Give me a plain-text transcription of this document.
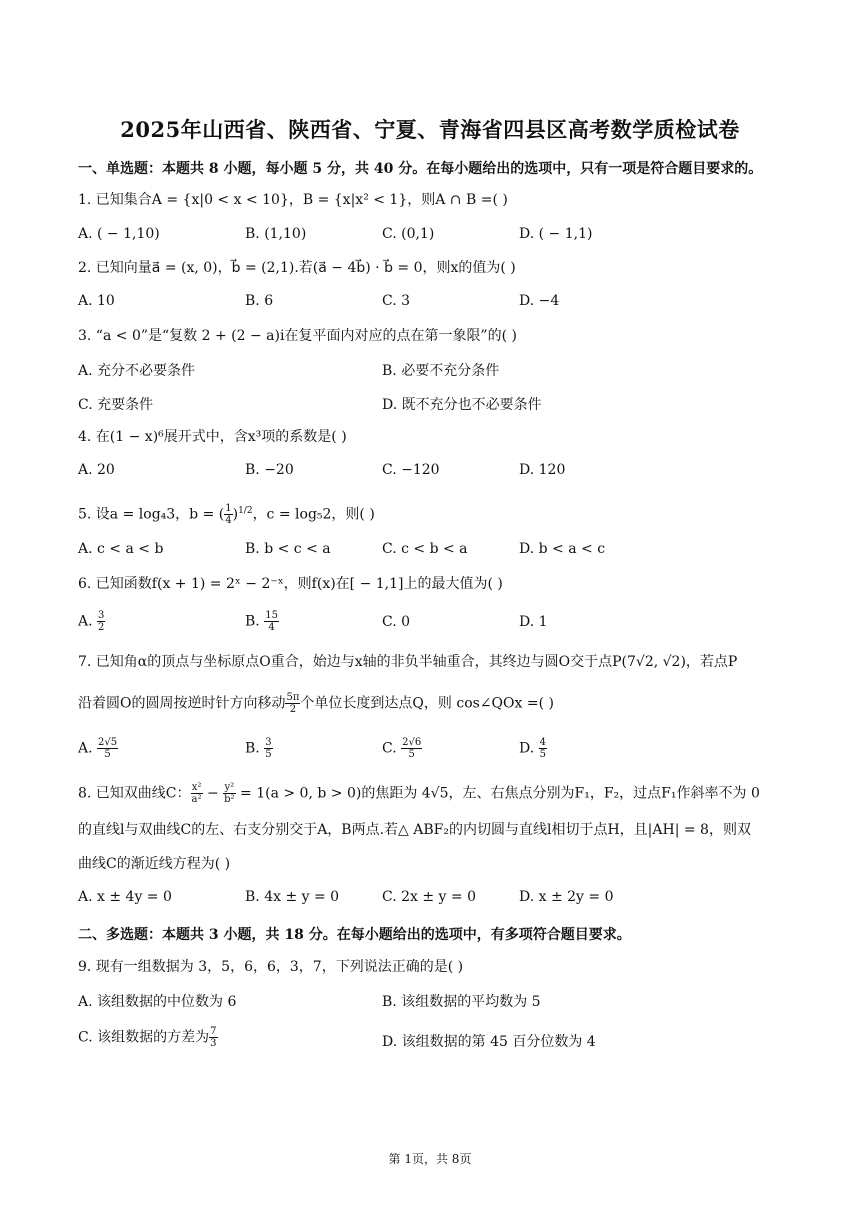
2025年山西省、陕西省、宁夏、青海省四县区高考数学质检试卷
一、单选题：本题共 8 小题，每小题 5 分，共 40 分。在每小题给出的选项中，只有一项是符合题目要求的。
1. 已知集合A = {x|0 < x < 10}，B = {x|x² < 1}，则A ∩ B =( )
A. ( − 1,10)	B. (1,10)	C. (0,1)	D. ( − 1,1)
2. 已知向量a⃗ = (x, 0)，b⃗ = (2,1).若(a⃗ − 4b⃗) · b⃗ = 0，则x的值为( )
A. 10	B. 6	C. 3	D. −4
3. “a < 0”是“复数 2 + (2 − a)i在复平面内对应的点在第一象限”的( )
A. 充分不必要条件	B. 必要不充分条件
C. 充要条件	D. 既不充分也不必要条件
4. 在(1 − x)⁶展开式中，含x³项的系数是( )
A. 20	B. −20	C. −120	D. 120
5. 设a = log₄3，b = ( $\frac{1}{4} )^{1/2}$，c = log₅2，则( )
A. c < a < b	B. b < c < a	C. c < b < a	D. b < a < c
6. 已知函数f(x + 1) = 2ˣ − 2⁻ˣ，则f(x)在[ − 1,1]上的最大值为( )
A. $\frac{3}{2}$	B. $\frac{15}{4}$	C. 0	D. 1
7. 已知角α的顶点与坐标原点O重合，始边与x轴的非负半轴重合，其终边与圆O交于点P(7√2, √2)，若点P
沿着圆O的圆周按逆时针方向移动 $\frac{5\pi}{2}$ 个单位长度到达点Q，则 cos∠QOx =( )
A. $\frac{2√5}{5}$	B. $\frac{3}{5}$	C. $\frac{2√6}{5}$	D. $\frac{4}{5}$
8. 已知双曲线C： $\frac{\text{x²}}{\text{a²}} - \frac{\text{y²}}{\text{b²}} = 1(a > 0$, b > 0)的焦距为 4√5，左、右焦点分别为F₁，F₂，过点F₁作斜率不为 0
的直线l与双曲线C的左、右支分别交于A，B两点.若△ ABF₂的内切圆与直线l相切于点H，且|AH| = 8，则双
曲线C的渐近线方程为( )
A. x ± 4y = 0	B. 4x ± y = 0	C. 2x ± y = 0	D. x ± 2y = 0
二、多选题：本题共 3 小题，共 18 分。在每小题给出的选项中，有多项符合题目要求。
9. 现有一组数据为 3，5，6，6，3，7，下列说法正确的是( )
A. 该组数据的中位数为 6	B. 该组数据的平均数为 5
C. 该组数据的方差为 $\frac{7}{3}$	D. 该组数据的第 45 百分位数为 4
第 1页，共 8页
